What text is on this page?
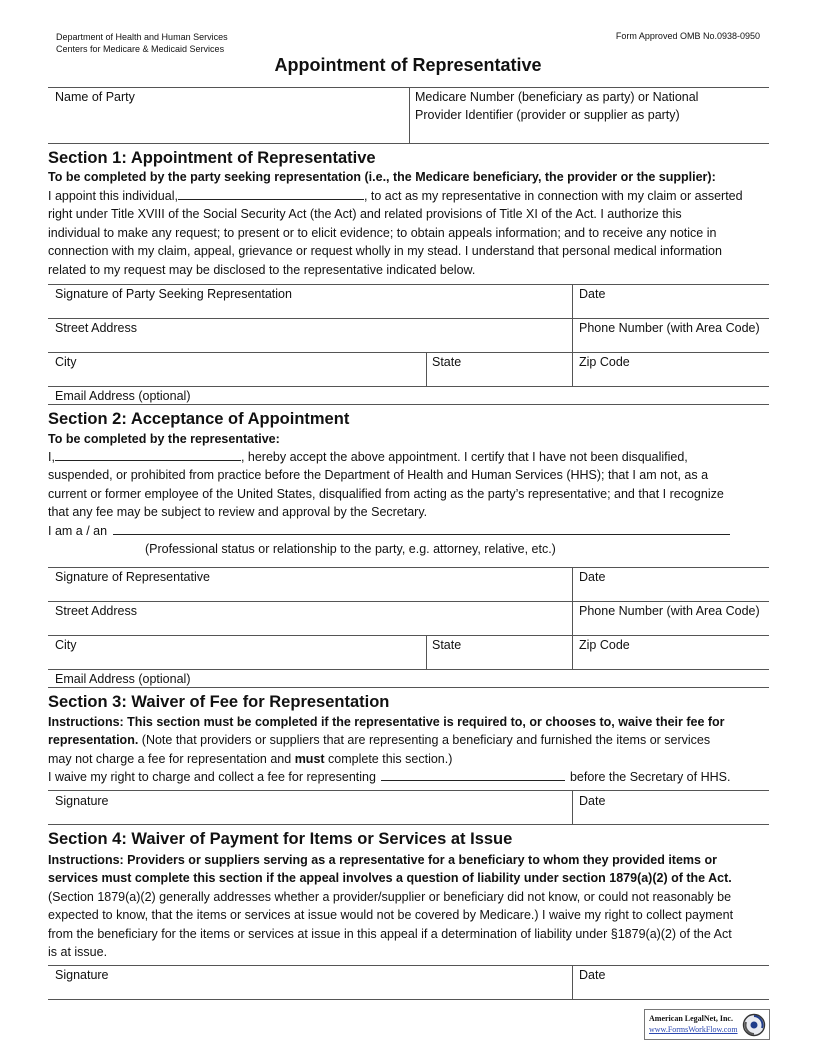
Department of Health and Human Services
Centers for Medicare & Medicaid Services
Form Approved OMB No.0938-0950
Appointment of Representative
Name of Party	Medicare Number (beneficiary as party) or National
Provider Identifier (provider or supplier as party)
Section 1: Appointment of Representative
To be completed by the party seeking representation (i.e., the Medicare beneficiary, the provider or the supplier):
I appoint this individual,	, to act as my representative in connection with my claim or asserted
right under Title XVIII of the Social Security Act (the Act) and related provisions of Title XI of the Act. I authorize this
individual to make any request; to present or to elicit evidence; to obtain appeals information; and to receive any notice in
connection with my claim, appeal, grievance or request wholly in my stead. I understand that personal medical information
related to my request may be disclosed to the representative indicated below.
Signature of Party Seeking Representation	Date
Street Address	Phone Number (with Area Code)
City	State	Zip Code
Email Address (optional)
Section 2: Acceptance of Appointment
To be completed by the representative:
I,	, hereby accept the above appointment. I certify that I have not been disqualified,
suspended, or prohibited from practice before the Department of Health and Human Services (HHS); that I am not, as a
current or former employee of the United States, disqualified from acting as the party’s representative; and that I recognize
that any fee may be subject to review and approval by the Secretary.
I am a / an
(Professional status or relationship to the party, e.g. attorney, relative, etc.)
Signature of Representative	Date
Street Address	Phone Number (with Area Code)
City	State	Zip Code
Email Address (optional)
Section 3: Waiver of Fee for Representation
Instructions: This section must be completed if the representative is required to, or chooses to, waive their fee for
representation. (Note that providers or suppliers that are representing a beneficiary and furnished the items or services
may not charge a fee for representation and must complete this section.)
I waive my right to charge and collect a fee for representing	before the Secretary of HHS.
Signature	Date
Section 4: Waiver of Payment for Items or Services at Issue
Instructions: Providers or suppliers serving as a representative for a beneficiary to whom they provided items or
services must complete this section if the appeal involves a question of liability under section 1879(a)(2) of the Act.
(Section 1879(a)(2) generally addresses whether a provider/supplier or beneficiary did not know, or could not reasonably be
expected to know, that the items or services at issue would not be covered by Medicare.) I waive my right to collect payment
from the beneficiary for the items or services at issue in this appeal if a determination of liability under §1879(a)(2) of the Act
is at issue.
Signature	Date
American LegalNet, Inc.
www.FormsWorkFlow.com
